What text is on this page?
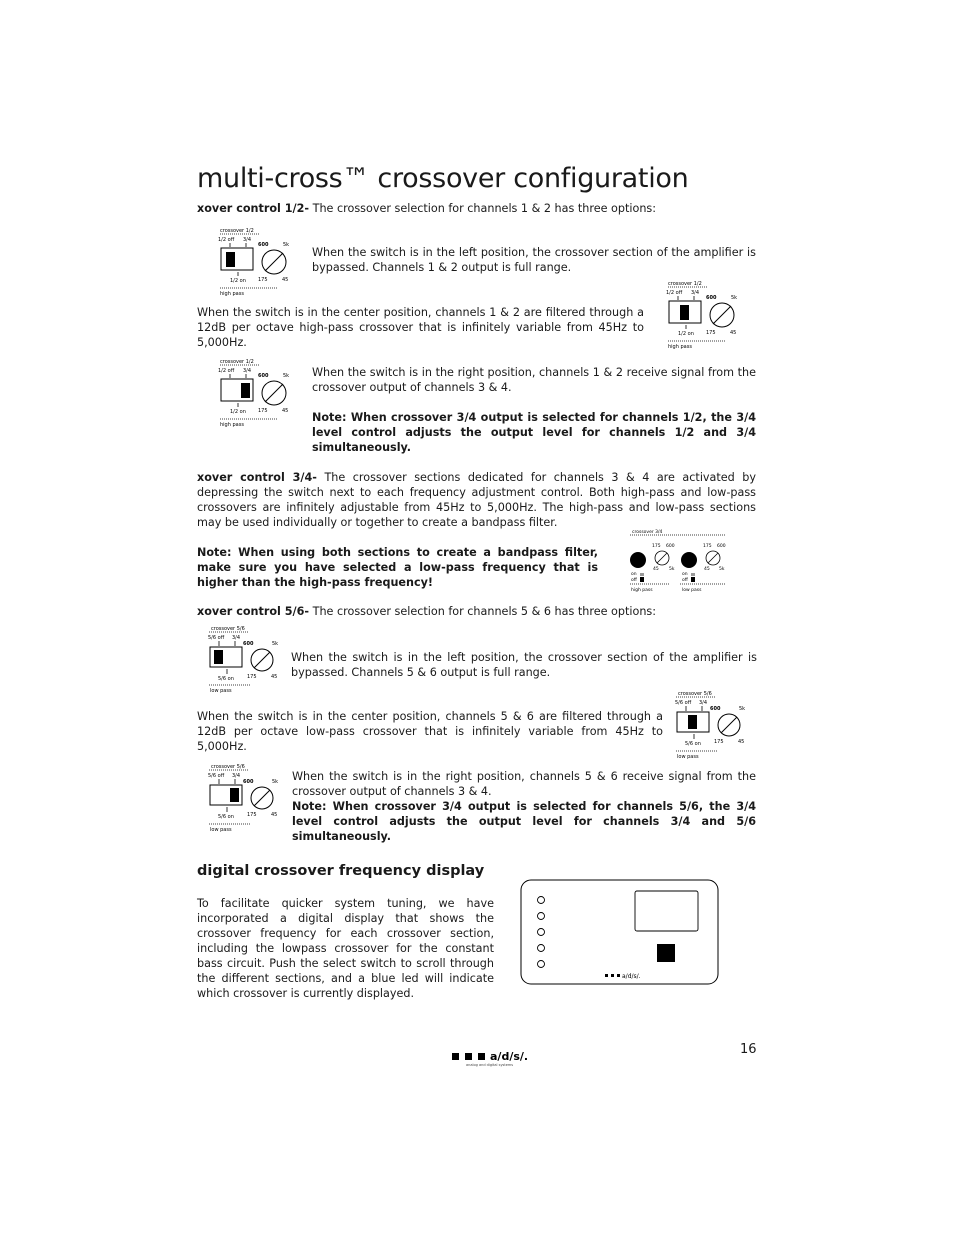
multi-cross™ crossover configuration
xover control 1/2- The crossover selection for channels 1 & 2 has three options:
crossover 1/2
1/2 off 3/4
1/2 on
600	5k
175	45
high pass
When the switch is in the left position, the crossover section of the amplifier is bypassed. Channels 1 & 2 output is full range.
When the switch is in the center position, channels 1 & 2 are filtered through a 12dB per octave high-pass crossover that is infinitely variable from 45Hz to 5,000Hz.
crossover 1/2
1/2 off 3/4
1/2 on
600	5k
175	45
high pass
crossover 1/2
1/2 off 3/4
1/2 on
600	5k
175	45
high pass
When the switch is in the right position, channels 1 & 2 receive signal from the crossover output of channels 3 & 4.
Note: When crossover 3/4 output is selected for channels 1/2, the 3/4 level control adjusts the output level for channels 1/2 and 3/4 simultaneously.
xover control 3/4- The crossover sections dedicated for channels 3 & 4 are activated by depressing the switch next to each frequency adjustment control. Both high-pass and low-pass crossovers are infinitely adjustable from 45Hz to 5,000Hz. The high-pass and low-pass sections may be used individually or together to create a bandpass filter.
Note: When using both sections to create a bandpass filter, make sure you have selected a low-pass frequency that is higher than the high-pass frequency!
crossover 3/4
175 600
45 5k
on
off
high pass
175 600
45 5k
on
off
low pass
xover control 5/6- The crossover selection for channels 5 & 6 has three options:
crossover 5/6
5/6 off 3/4
5/6 on
600	5k
175	45
low pass
When the switch is in the left position, the crossover section of the amplifier is bypassed. Channels 5 & 6 output is full range.
When the switch is in the center position, channels 5 & 6 are filtered through a 12dB per octave low-pass crossover that is infinitely variable from 45Hz to 5,000Hz.
crossover 5/6
5/6 off 3/4
5/6 on
600	5k
175	45
low pass
crossover 5/6
5/6 off 3/4
5/6 on
600	5k
175	45
low pass
When the switch is in the right position, channels 5 & 6 receive signal from the crossover output of channels 3 & 4.
Note: When crossover 3/4 output is selected for channels 5/6, the 3/4 level control adjusts the output level for channels 3/4 and 5/6 simultaneously.
digital crossover frequency display
To facilitate quicker system tuning, we have incorporated a digital display that shows the crossover frequency for each crossover section, including the lowpass crossover for the constant bass circuit. Push the select switch to scroll through the different sections, and a blue led will indicate which crossover is currently displayed.
a/d/s/.
16
a/d/s/.
analog and digital systems
